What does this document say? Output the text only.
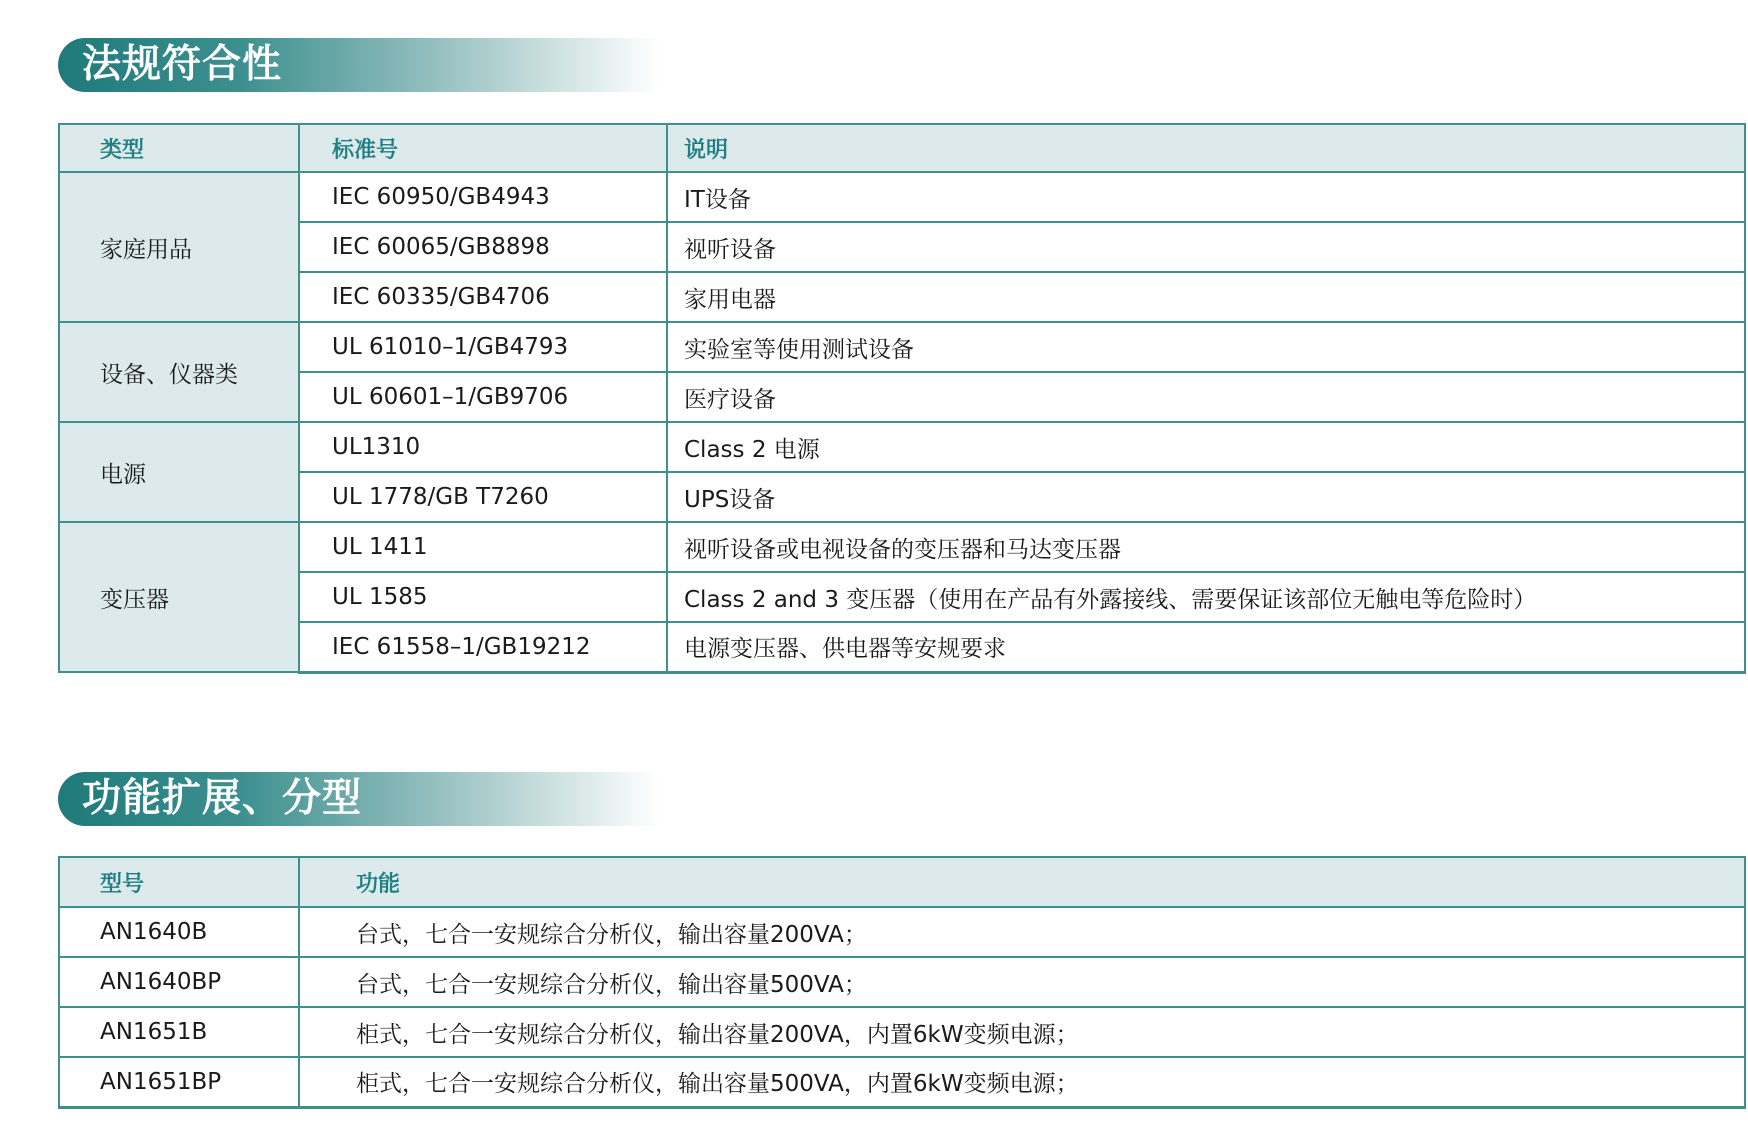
法规符合性
类型	标准号	说明
家庭用品	IEC 60950/GB4943	IT设备
	IEC 60065/GB8898	视听设备
	IEC 60335/GB4706	家用电器
设备、仪器类	UL 61010–1/GB4793	实验室等使用测试设备
	UL 60601–1/GB9706	医疗设备
电源	UL1310	Class 2 电源
	UL 1778/GB T7260	UPS设备
变压器	UL 1411	视听设备或电视设备的变压器和马达变压器
	UL 1585	Class 2 and 3 变压器（使用在产品有外露接线、需要保证该部位无触电等危险时）
	IEC 61558–1/GB19212	电源变压器、供电器等安规要求
功能扩展、分型
型号	功能
AN1640B	台式，七合一安规综合分析仪，输出容量200VA；
AN1640BP	台式，七合一安规综合分析仪，输出容量500VA；
AN1651B	柜式，七合一安规综合分析仪，输出容量200VA，内置6kW变频电源；
AN1651BP	柜式，七合一安规综合分析仪，输出容量500VA，内置6kW变频电源；
